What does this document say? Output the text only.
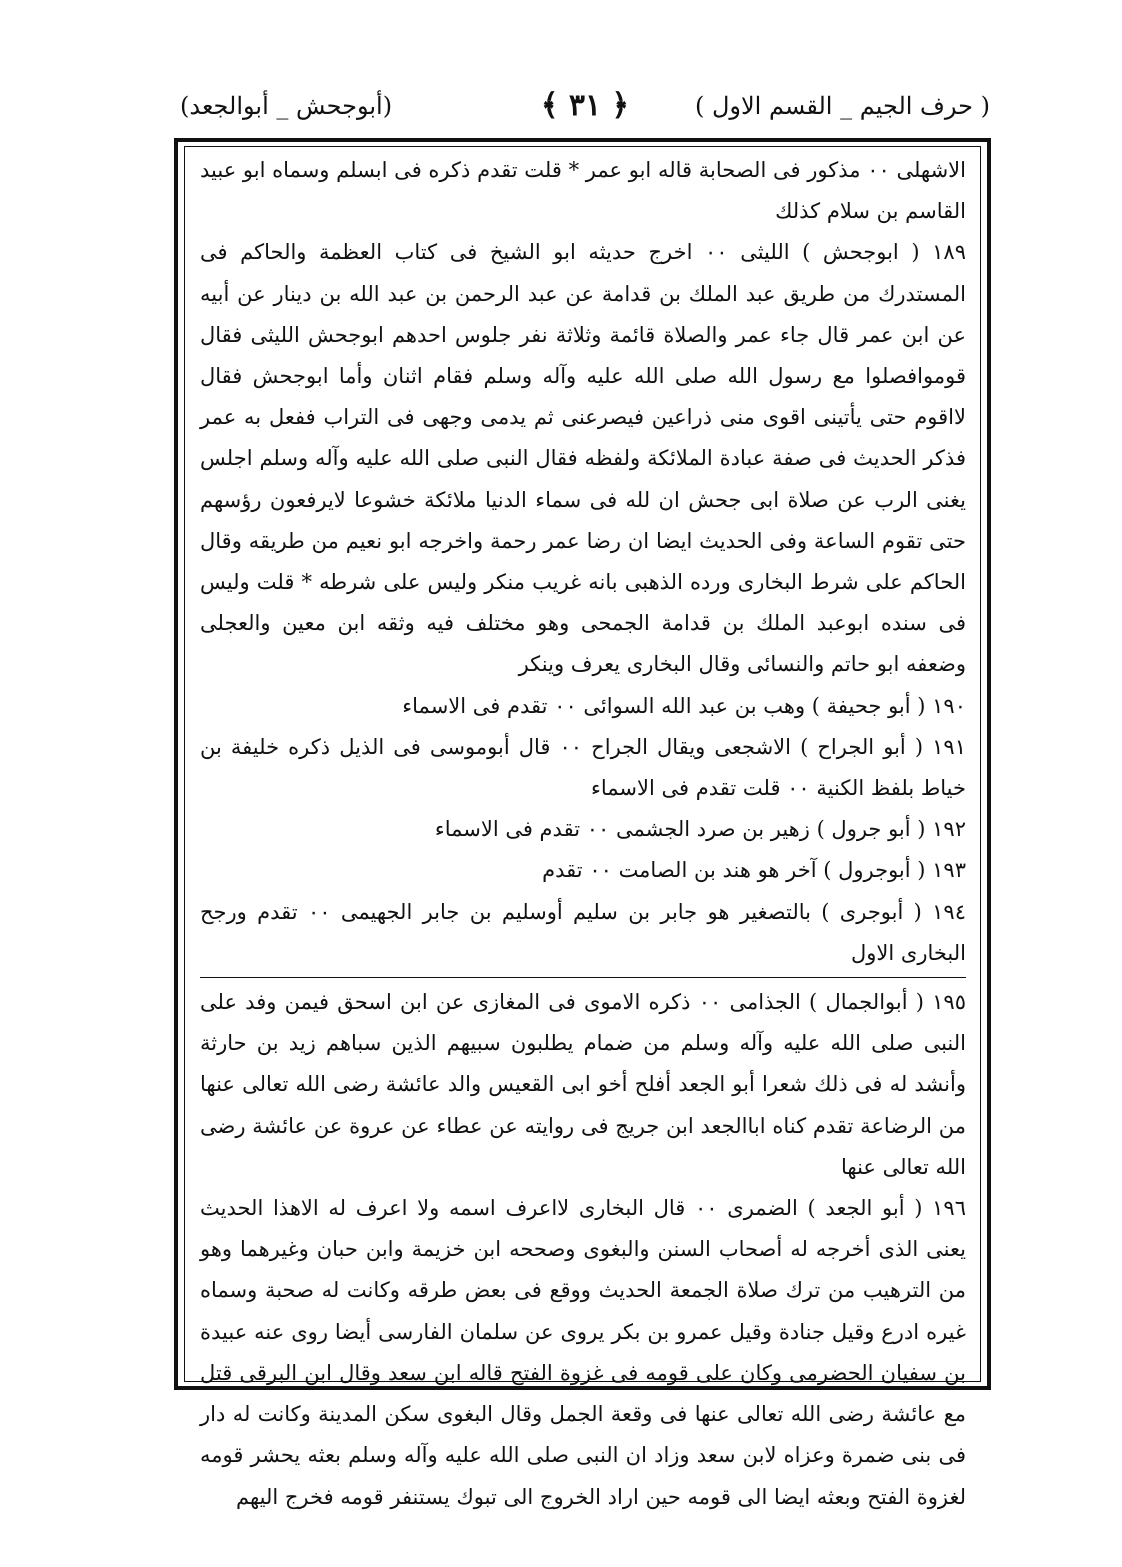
( حرف الجيم _ القسم الاول )
﴿ ٣١ ﴾
(أبوجحش _ أبوالجعد)

الاشهلى ٠٠ مذكور فى الصحابة قاله ابو عمر * قلت تقدم ذكره فى ابسلم وسماه ابو عبيد القاسم بن سلام كذلك

١٨٩ ( ابوجحش ) الليثى ٠٠ اخرج حديثه ابو الشيخ فى كتاب العظمة والحاكم فى المستدرك من طريق عبد الملك بن قدامة عن عبد الرحمن بن عبد الله بن دينار عن أبيه عن ابن عمر قال جاء عمر والصلاة قائمة وثلاثة نفر جلوس احدهم ابوجحش الليثى فقال قوموافصلوا مع رسول الله صلى الله عليه وآله وسلم فقام اثنان وأما ابوجحش فقال لااقوم حتى يأتينى اقوى منى ذراعين فيصرعنى ثم يدمى وجهى فى التراب ففعل به عمر فذكر الحديث فى صفة عبادة الملائكة ولفظه فقال النبى صلى الله عليه وآله وسلم اجلس يغنى الرب عن صلاة ابى جحش ان لله فى سماء الدنيا ملائكة خشوعا لايرفعون رؤسهم حتى تقوم الساعة وفى الحديث ايضا ان رضا عمر رحمة واخرجه ابو نعيم من طريقه وقال الحاكم على شرط البخارى ورده الذهبى بانه غريب منكر وليس على شرطه * قلت وليس فى سنده ابوعبد الملك بن قدامة الجمحى وهو مختلف فيه وثقه ابن معين والعجلى وضعفه ابو حاتم والنسائى وقال البخارى يعرف وينكر

١٩٠ ( أبو جحيفة ) وهب بن عبد الله السوائى ٠٠ تقدم فى الاسماء

١٩١ ( أبو الجراح ) الاشجعى ويقال الجراح ٠٠ قال أبوموسى فى الذيل ذكره خليفة بن خياط بلفظ الكنية ٠٠ قلت تقدم فى الاسماء

١٩٢ ( أبو جرول ) زهير بن صرد الجشمى ٠٠ تقدم فى الاسماء

١٩٣ ( أبوجرول ) آخر هو هند بن الصامت ٠٠ تقدم

١٩٤ ( أبوجرى ) بالتصغير هو جابر بن سليم أوسليم بن جابر الجهيمى ٠٠ تقدم ورجح البخارى الاول

١٩٥ ( أبوالجمال ) الجذامى ٠٠ ذكره الاموى فى المغازى عن ابن اسحق فيمن وفد على النبى صلى الله عليه وآله وسلم من ضمام يطلبون سبيهم الذين سباهم زيد بن حارثة وأنشد له فى ذلك شعرا أبو الجعد أفلح أخو ابى القعيس والد عائشة رضى الله تعالى عنها من الرضاعة تقدم كناه اباالجعد ابن جريج فى روايته عن عطاء عن عروة عن عائشة رضى الله تعالى عنها

١٩٦ ( أبو الجعد ) الضمرى ٠٠ قال البخارى لااعرف اسمه ولا اعرف له الاهذا الحديث يعنى الذى أخرجه له أصحاب السنن والبغوى وصححه ابن خزيمة وابن حبان وغيرهما وهو من الترهيب من ترك صلاة الجمعة الحديث ووقع فى بعض طرقه وكانت له صحبة وسماه غيره ادرع وقيل جنادة وقيل عمرو بن بكر يروى عن سلمان الفارسى أيضا روى عنه عبيدة بن سفيان الحضرمى وكان على قومه فى غزوة الفتح قاله ابن سعد وقال ابن البرقى قتل مع عائشة رضى الله تعالى عنها فى وقعة الجمل وقال البغوى سكن المدينة وكانت له دار فى بنى ضمرة وعزاه لابن سعد وزاد ان النبى صلى الله عليه وآله وسلم بعثه يحشر قومه لغزوة الفتح وبعثه ايضا الى قومه حين اراد الخروج الى تبوك يستنفر قومه فخرج اليهم
